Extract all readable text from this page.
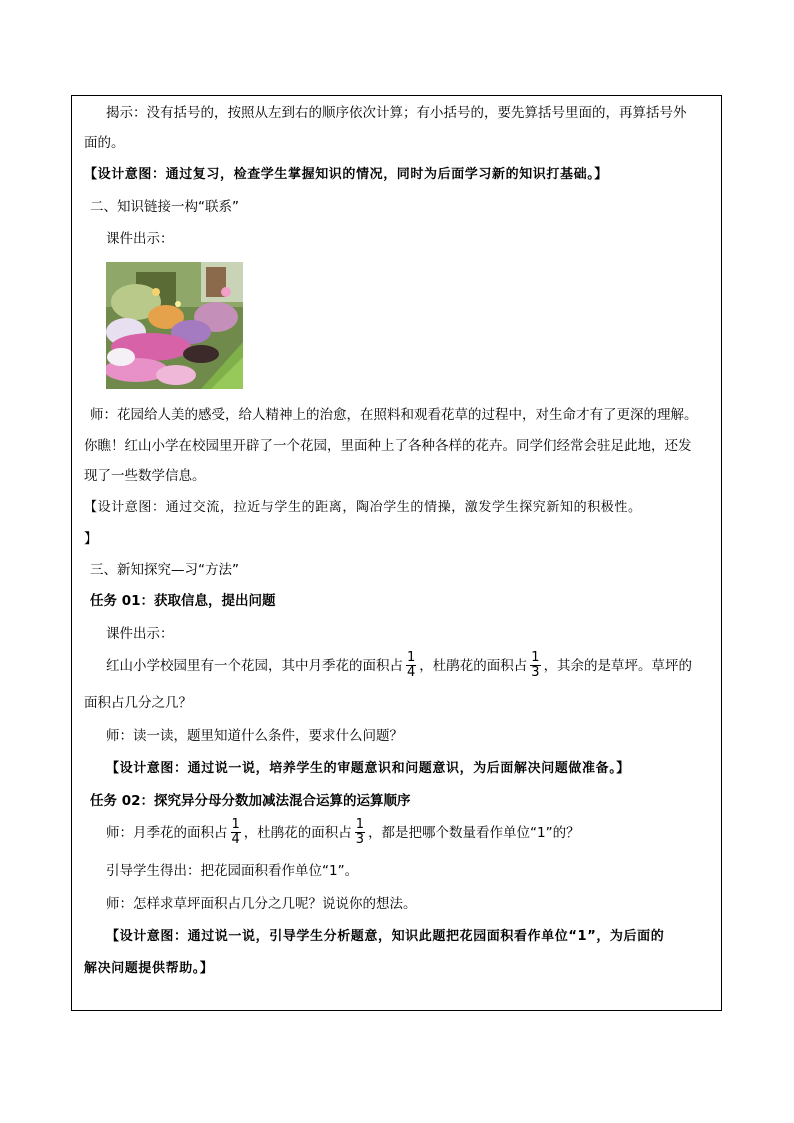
揭示：没有括号的，按照从左到右的顺序依次计算；有小括号的，要先算括号里面的，再算括号外
面的。
【设计意图：通过复习，检查学生掌握知识的情况，同时为后面学习新的知识打基础。】
二、知识链接一构“联系”
课件出示：
师：花园给人美的感受，给人精神上的治愈，在照料和观看花草的过程中，对生命才有了更深的理解。
你瞧！红山小学在校园里开辟了一个花园，里面种上了各种各样的花卉。同学们经常会驻足此地，还发
现了一些数学信息。
【设计意图：通过交流，拉近与学生的距离，陶冶学生的情操，激发学生探究新知的积极性。
】
三、新知探究—习“方法”
任务 01：获取信息，提出问题
课件出示：
红山小学校园里有一个花园，其中月季花的面积占 $\frac{1}{4}$ ，杜鹃花的面积占 $\frac{1}{3}$ ，其余的是草坪。草坪的
面积占几分之几？
师：读一读，题里知道什么条件，要求什么问题？
【设计意图：通过说一说，培养学生的审题意识和问题意识，为后面解决问题做准备。】
任务 02：探究异分母分数加减法混合运算的运算顺序
师：月季花的面积占 $\frac{1}{4}$ ，杜鹃花的面积占 $\frac{1}{3}$ ，都是把哪个数量看作单位“1”的？
引导学生得出：把花园面积看作单位“1”。
师：怎样求草坪面积占几分之几呢？说说你的想法。
【设计意图：通过说一说，引导学生分析题意，知识此题把花园面积看作单位“1”，为后面的
解决问题提供帮助。】
